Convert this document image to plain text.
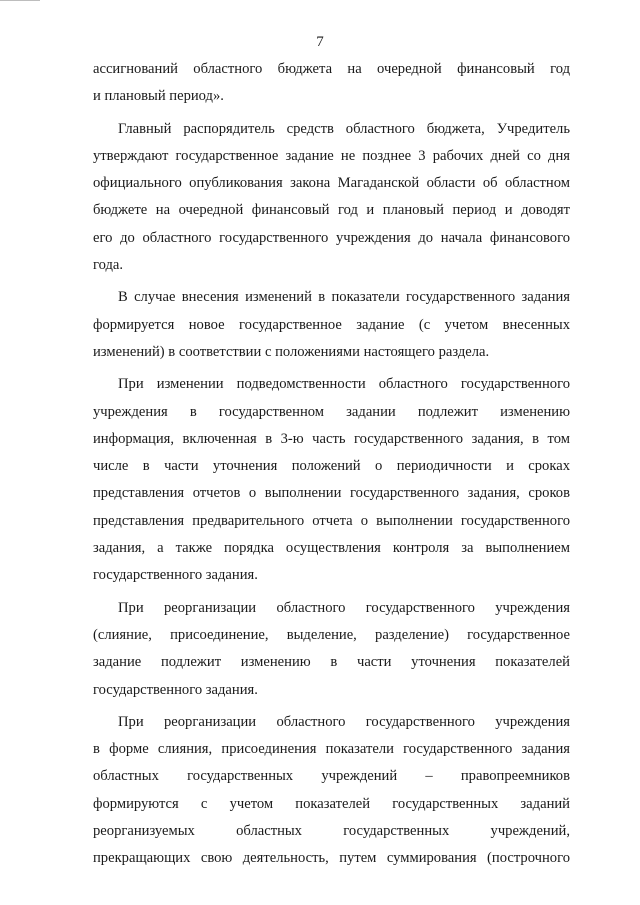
7
ассигнований областного бюджета на очередной финансовый год
и плановый период».
Главный распорядитель средств областного бюджета, Учредитель
утверждают государственное задание не позднее 3 рабочих дней со дня
официального опубликования закона Магаданской области об областном
бюджете на очередной финансовый год и плановый период и доводят
его до областного государственного учреждения до начала финансового
года.
В случае внесения изменений в показатели государственного задания
формируется новое государственное задание (с учетом внесенных
изменений) в соответствии с положениями настоящего раздела.
При изменении подведомственности областного государственного
учреждения в государственном задании подлежит изменению
информация, включенная в 3-ю часть государственного задания, в том
числе в части уточнения положений о периодичности и сроках
представления отчетов о выполнении государственного задания, сроков
представления предварительного отчета о выполнении государственного
задания, а также порядка осуществления контроля за выполнением
государственного задания.
При реорганизации областного государственного учреждения
(слияние, присоединение, выделение, разделение) государственное
задание подлежит изменению в части уточнения показателей
государственного задания.
При реорганизации областного государственного учреждения
в форме слияния, присоединения показатели государственного задания
областных государственных учреждений – правопреемников
формируются с учетом показателей государственных заданий
реорганизуемых областных государственных учреждений,
прекращающих свою деятельность, путем суммирования (построчного
